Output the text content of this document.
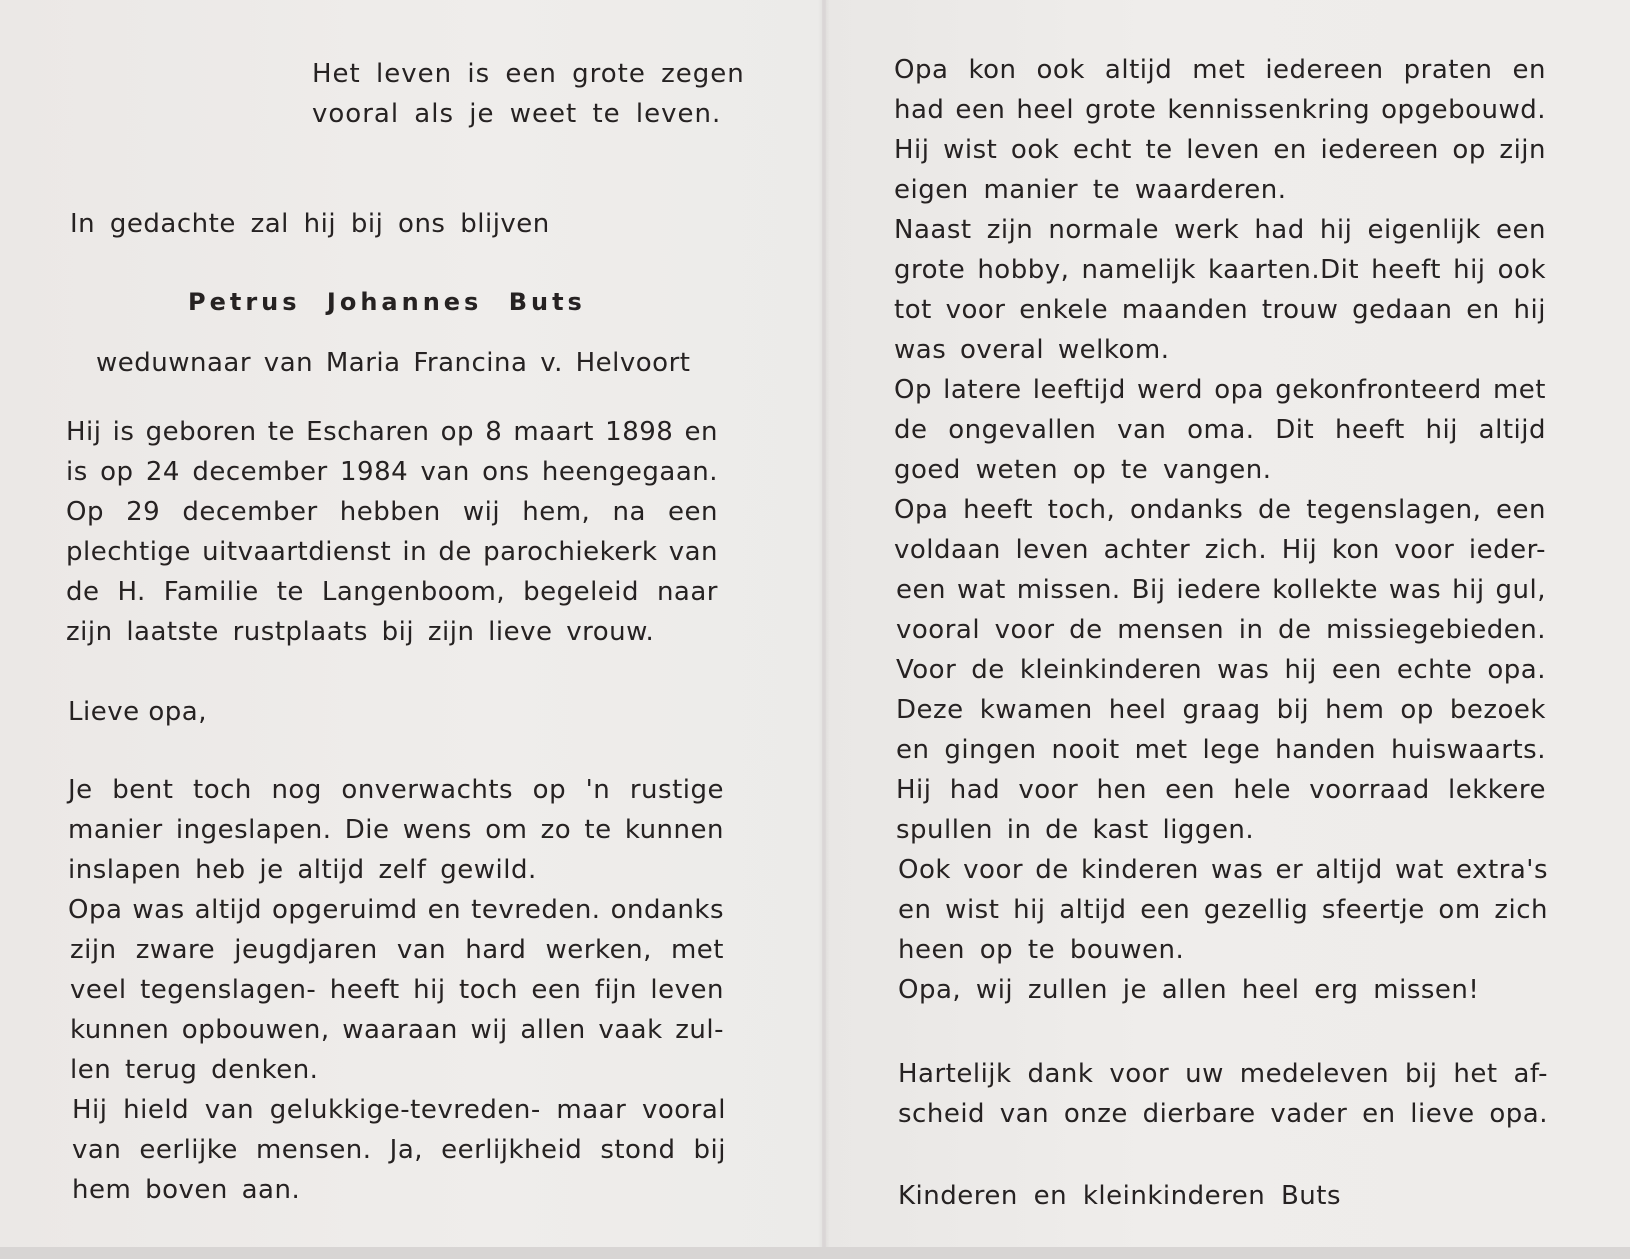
Het leven is een grote zegen
vooral als je weet te leven.
In gedachte zal hij bij ons blijven
Petrus Johannes Buts
weduwnaar van Maria Francina v. Helvoort
Hij is geboren te Escharen op 8 maart 1898 en
is op 24 december 1984 van ons heengegaan.
Op 29 december hebben wij hem, na een
plechtige uitvaartdienst in de parochiekerk van
de H. Familie te Langenboom, begeleid naar
zijn laatste rustplaats bij zijn lieve vrouw.
Lieve opa,
Je bent toch nog onverwachts op 'n rustige
manier ingeslapen. Die wens om zo te kunnen
inslapen heb je altijd zelf gewild.
Opa was altijd opgeruimd en tevreden. ondanks
zijn zware jeugdjaren van hard werken, met
veel tegenslagen- heeft hij toch een fijn leven
kunnen opbouwen, waaraan wij allen vaak zul-
len terug denken.
Hij hield van gelukkige-tevreden- maar vooral
van eerlijke mensen. Ja, eerlijkheid stond bij
hem boven aan.
Opa kon ook altijd met iedereen praten en
had een heel grote kennissenkring opgebouwd.
Hij wist ook echt te leven en iedereen op zijn
eigen manier te waarderen.
Naast zijn normale werk had hij eigenlijk een
grote hobby, namelijk kaarten.Dit heeft hij ook
tot voor enkele maanden trouw gedaan en hij
was overal welkom.
Op latere leeftijd werd opa gekonfronteerd met
de ongevallen van oma. Dit heeft hij altijd
goed weten op te vangen.
Opa heeft toch, ondanks de tegenslagen, een
voldaan leven achter zich. Hij kon voor ieder-
een wat missen. Bij iedere kollekte was hij gul,
vooral voor de mensen in de missiegebieden.
Voor de kleinkinderen was hij een echte opa.
Deze kwamen heel graag bij hem op bezoek
en gingen nooit met lege handen huiswaarts.
Hij had voor hen een hele voorraad lekkere
spullen in de kast liggen.
Ook voor de kinderen was er altijd wat extra's
en wist hij altijd een gezellig sfeertje om zich
heen op te bouwen.
Opa, wij zullen je allen heel erg missen!
Hartelijk dank voor uw medeleven bij het af-
scheid van onze dierbare vader en lieve opa.
Kinderen en kleinkinderen Buts
